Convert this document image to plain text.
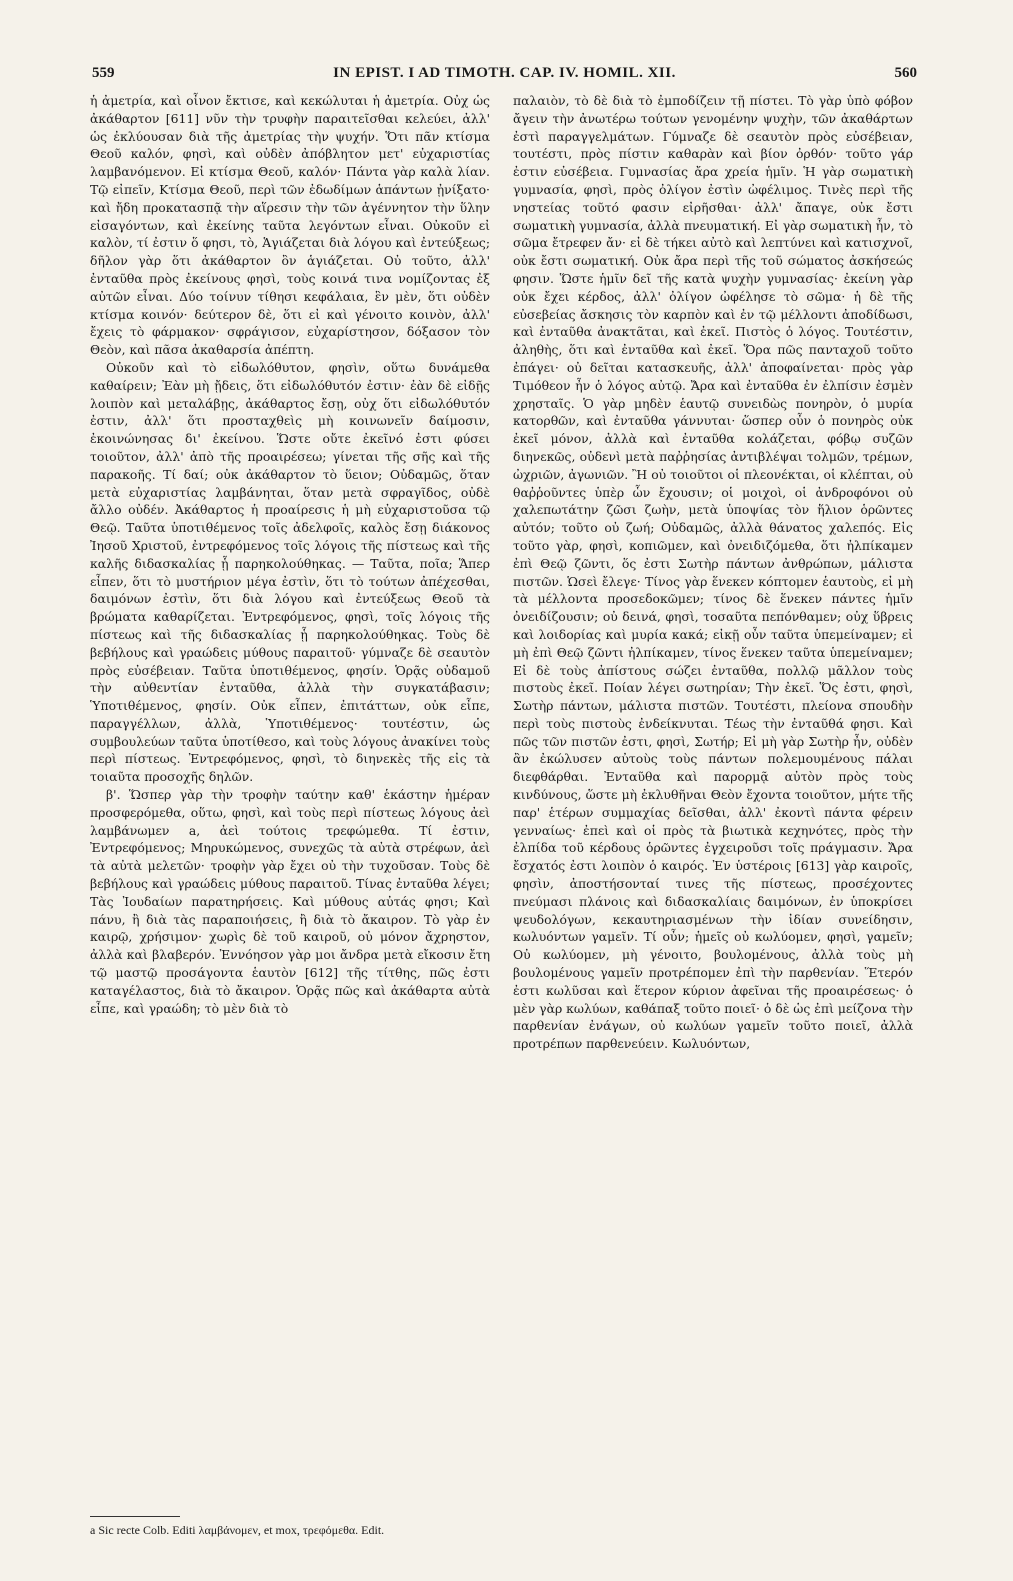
559	IN EPIST. I AD TIMOTH. CAP. IV. HOMIL. XII.	560

ἡ ἀμετρία, καὶ οἶνον ἔκτισε, καὶ κεκώλυται ἡ ἀμετρία. Οὐχ ὡς ἀκάθαρτον [611] νῦν τὴν τρυφὴν παραιτεῖσθαι κελεύει, ἀλλ' ὡς ἐκλύουσαν διὰ τῆς ἀμετρίας τὴν ψυχήν. Ὅτι πᾶν κτίσμα Θεοῦ καλόν, φησὶ, καὶ οὐδὲν ἀπόβλητον μετ' εὐχαριστίας λαμβανόμενον. Εἰ κτίσμα Θεοῦ, καλόν· Πάντα γὰρ καλὰ λίαν. Τῷ εἰπεῖν, Κτίσμα Θεοῦ, περὶ τῶν ἐδωδίμων ἁπάντων ᾐνίξατο· καὶ ἤδη προκατασπᾷ τὴν αἵρεσιν τὴν τῶν ἀγέννητον τὴν ὕλην εἰσαγόντων, καὶ ἐκείνης ταῦτα λεγόντων εἶναι. Οὐκοῦν εἰ καλὸν, τί ἐστιν ὅ φησι, τὸ, Ἁγιάζεται διὰ λόγου καὶ ἐντεύξεως; δῆλον γὰρ ὅτι ἀκάθαρτον ὂν ἁγιάζεται. Οὐ τοῦτο, ἀλλ' ἐνταῦθα πρὸς ἐκείνους φησὶ, τοὺς κοινά τινα νομίζοντας ἐξ αὐτῶν εἶναι. Δύο τοίνυν τίθησι κεφάλαια, ἓν μὲν, ὅτι οὐδὲν κτίσμα κοινόν· δεύτερον δὲ, ὅτι εἰ καὶ γένοιτο κοινὸν, ἀλλ' ἔχεις τὸ φάρμακον· σφράγισον, εὐχαρίστησον, δόξασον τὸν Θεὸν, καὶ πᾶσα ἀκαθαρσία ἀπέπτη.

Οὐκοῦν καὶ τὸ εἰδωλόθυτον, φησὶν, οὕτω δυνάμεθα καθαίρειν; Ἐὰν μὴ ᾔδεις, ὅτι εἰδωλόθυτόν ἐστιν· ἐὰν δὲ εἰδῇς λοιπὸν καὶ μεταλάβῃς, ἀκάθαρτος ἔσῃ, οὐχ ὅτι εἰδωλόθυτόν ἐστιν, ἀλλ' ὅτι προσταχθεὶς μὴ κοινωνεῖν δαίμοσιν, ἐκοινώνησας δι' ἐκείνου. Ὥστε οὔτε ἐκεῖνό ἐστι φύσει τοιοῦτον, ἀλλ' ἀπὸ τῆς προαιρέσεω; γίνεται τῆς σῆς καὶ τῆς παρακοῆς. Τί δαί; οὐκ ἀκάθαρτον τὸ ὕειον; Οὐδαμῶς, ὅταν μετὰ εὐχαριστίας λαμβάνηται, ὅταν μετὰ σφραγῖδος, οὐδὲ ἄλλο οὐδέν. Ἀκάθαρτος ἡ προαίρεσις ἡ μὴ εὐχαριστοῦσα τῷ Θεῷ. Ταῦτα ὑποτιθέμενος τοῖς ἀδελφοῖς, καλὸς ἔσῃ διάκονος Ἰησοῦ Χριστοῦ, ἐντρεφόμενος τοῖς λόγοις τῆς πίστεως καὶ τῆς καλῆς διδασκαλίας ᾗ παρηκολούθηκας. — Ταῦτα, ποῖα; Ἅπερ εἶπεν, ὅτι τὸ μυστήριον μέγα ἐστὶν, ὅτι τὸ τούτων ἀπέχεσθαι, δαιμόνων ἐστὶν, ὅτι διὰ λόγου καὶ ἐντεύξεως Θεοῦ τὰ βρώματα καθαρίζεται. Ἐντρεφόμενος, φησὶ, τοῖς λόγοις τῆς πίστεως καὶ τῆς διδασκαλίας ᾗ παρηκολούθηκας. Τοὺς δὲ βεβήλους καὶ γραώδεις μύθους παραιτοῦ· γύμναζε δὲ σεαυτὸν πρὸς εὐσέβειαν. Ταῦτα ὑποτιθέμενος, φησίν. Ὁρᾷς οὐδαμοῦ τὴν αὐθεντίαν ἐνταῦθα, ἀλλὰ τὴν συγκατάβασιν; Ὑποτιθέμενος, φησίν. Οὐκ εἶπεν, ἐπιτάττων, οὐκ εἶπε, παραγγέλλων, ἀλλὰ, Ὑποτιθέμενος· τουτέστιν, ὡς συμβουλεύων ταῦτα ὑποτίθεσο, καὶ τοὺς λόγους ἀνακίνει τοὺς περὶ πίστεως. Ἐντρεφόμενος, φησὶ, τὸ διηνεκὲς τῆς εἰς τὰ τοιαῦτα προσοχῆς δηλῶν.

β'. Ὥσπερ γὰρ τὴν τροφὴν ταύτην καθ' ἑκάστην ἡμέραν προσφερόμεθα, οὕτω, φησὶ, καὶ τοὺς περὶ πίστεως λόγους ἀεὶ λαμβάνωμεν a, ἀεὶ τούτοις τρεφώμεθα. Τί ἐστιν, Ἐντρεφόμενος; Μηρυκώμενος, συνεχῶς τὰ αὐτὰ στρέφων, ἀεὶ τὰ αὐτὰ μελετῶν· τροφὴν γὰρ ἔχει οὐ τὴν τυχοῦσαν. Τοὺς δὲ βεβήλους καὶ γραώδεις μύθους παραιτοῦ. Τίνας ἐνταῦθα λέγει; Τὰς Ἰουδαίων παρατηρήσεις. Καὶ μύθους αὐτάς φησι; Καὶ πάνυ, ἢ διὰ τὰς παραποιήσεις, ἢ διὰ τὸ ἄκαιρον. Τὸ γὰρ ἐν καιρῷ, χρήσιμον· χωρὶς δὲ τοῦ καιροῦ, οὐ μόνον ἄχρηστον, ἀλλὰ καὶ βλαβερόν. Ἐννόησον γὰρ μοι ἄνδρα μετὰ εἴκοσιν ἔτη τῷ μαστῷ προσάγοντα ἑαυτὸν [612] τῆς τίτθης, πῶς ἐστι καταγέλαστος, διὰ τὸ ἄκαιρον. Ὁρᾷς πῶς καὶ ἀκάθαρτα αὐτὰ εἶπε, καὶ γραώδη; τὸ μὲν διὰ τὸ

παλαιὸν, τὸ δὲ διὰ τὸ ἐμποδίζειν τῇ πίστει. Τὸ γὰρ ὑπὸ φόβον ἄγειν τὴν ἀνωτέρω τούτων γενομένην ψυχὴν, τῶν ἀκαθάρτων ἐστὶ παραγγελμάτων. Γύμναζε δὲ σεαυτὸν πρὸς εὐσέβειαν, τουτέστι, πρὸς πίστιν καθαρὰν καὶ βίον ὀρθόν· τοῦτο γάρ ἐστιν εὐσέβεια. Γυμνασίας ἄρα χρεία ἡμῖν. Ἡ γὰρ σωματικὴ γυμνασία, φησὶ, πρὸς ὀλίγον ἐστὶν ὠφέλιμος. Τινὲς περὶ τῆς νηστείας τοῦτό φασιν εἰρῆσθαι· ἀλλ' ἄπαγε, οὐκ ἔστι σωματικὴ γυμνασία, ἀλλὰ πνευματική. Εἰ γὰρ σωματικὴ ἦν, τὸ σῶμα ἔτρεφεν ἄν· εἰ δὲ τήκει αὐτὸ καὶ λεπτύνει καὶ κατισχνοῖ, οὐκ ἔστι σωματική. Οὐκ ἄρα περὶ τῆς τοῦ σώματος ἀσκήσεώς φησιν. Ὥστε ἡμῖν δεῖ τῆς κατὰ ψυχὴν γυμνασίας· ἐκείνη γὰρ οὐκ ἔχει κέρδος, ἀλλ' ὀλίγον ὠφέλησε τὸ σῶμα· ἡ δὲ τῆς εὐσεβείας ἄσκησις τὸν καρπὸν καὶ ἐν τῷ μέλλοντι ἀποδίδωσι, καὶ ἐνταῦθα ἀνακτᾶται, καὶ ἐκεῖ. Πιστὸς ὁ λόγος. Τουτέστιν, ἀληθὴς, ὅτι καὶ ἐνταῦθα καὶ ἐκεῖ. Ὅρα πῶς πανταχοῦ τοῦτο ἐπάγει· οὐ δεῖται κατασκευῆς, ἀλλ' ἀποφαίνεται· πρὸς γὰρ Τιμόθεον ἦν ὁ λόγος αὐτῷ. Ἄρα καὶ ἐνταῦθα ἐν ἐλπίσιν ἐσμὲν χρησταῖς. Ὁ γὰρ μηδὲν ἑαυτῷ συνειδὼς πονηρὸν, ὁ μυρία κατορθῶν, καὶ ἐνταῦθα γάννυται· ὥσπερ οὖν ὁ πονηρὸς οὐκ ἐκεῖ μόνον, ἀλλὰ καὶ ἐνταῦθα κολάζεται, φόβῳ συζῶν διηνεκῶς, οὐδενὶ μετὰ παῤῥησίας ἀντιβλέψαι τολμῶν, τρέμων, ὠχριῶν, ἀγωνιῶν. Ἢ οὐ τοιοῦτοι οἱ πλεονέκται, οἱ κλέπται, οὐ θαῤῥοῦντες ὑπὲρ ὧν ἔχουσιν; οἱ μοιχοὶ, οἱ ἀνδροφόνοι οὐ χαλεπωτάτην ζῶσι ζωὴν, μετὰ ὑποψίας τὸν ἥλιον ὁρῶντες αὐτόν; τοῦτο οὐ ζωή; Οὐδαμῶς, ἀλλὰ θάνατος χαλεπός. Εἰς τοῦτο γὰρ, φησὶ, κοπιῶμεν, καὶ ὀνειδιζόμεθα, ὅτι ἠλπίκαμεν ἐπὶ Θεῷ ζῶντι, ὅς ἐστι Σωτὴρ πάντων ἀνθρώπων, μάλιστα πιστῶν. Ὡσεὶ ἔλεγε· Τίνος γὰρ ἕνεκεν κόπτομεν ἑαυτοὺς, εἰ μὴ τὰ μέλλοντα προσεδοκῶμεν; τίνος δὲ ἕνεκεν πάντες ἡμῖν ὀνειδίζουσιν; οὐ δεινά, φησὶ, τοσαῦτα πεπόνθαμεν; οὐχ ὕβρεις καὶ λοιδορίας καὶ μυρία κακά; εἰκῇ οὖν ταῦτα ὑπεμείναμεν; εἰ μὴ ἐπὶ Θεῷ ζῶντι ἠλπίκαμεν, τίνος ἕνεκεν ταῦτα ὑπεμείναμεν; Εἰ δὲ τοὺς ἀπίστους σώζει ἐνταῦθα, πολλῷ μᾶλλον τοὺς πιστοὺς ἐκεῖ. Ποίαν λέγει σωτηρίαν; Τὴν ἐκεῖ. Ὅς ἐστι, φησὶ, Σωτὴρ πάντων, μάλιστα πιστῶν. Τουτέστι, πλείονα σπουδὴν περὶ τοὺς πιστοὺς ἐνδείκνυται. Τέως τὴν ἐνταῦθά φησι. Καὶ πῶς τῶν πιστῶν ἐστι, φησὶ, Σωτήρ; Εἰ μὴ γὰρ Σωτὴρ ἦν, οὐδὲν ἂν ἐκώλυσεν αὐτοὺς τοὺς πάντων πολεμουμένους πάλαι διεφθάρθαι. Ἐνταῦθα καὶ παρορμᾷ αὐτὸν πρὸς τοὺς κινδύνους, ὥστε μὴ ἐκλυθῆναι Θεὸν ἔχοντα τοιοῦτον, μήτε τῆς παρ' ἑτέρων συμμαχίας δεῖσθαι, ἀλλ' ἐκοντὶ πάντα φέρειν γενναίως· ἐπεὶ καὶ οἱ πρὸς τὰ βιωτικὰ κεχηνότες, πρὸς τὴν ἐλπίδα τοῦ κέρδους ὁρῶντες ἐγχειροῦσι τοῖς πράγμασιν. Ἄρα ἔσχατός ἐστι λοιπὸν ὁ καιρός. Ἐν ὑστέροις [613] γὰρ καιροῖς, φησὶν, ἀποστήσονταί τινες τῆς πίστεως, προσέχοντες πνεύμασι πλάνοις καὶ διδασκαλίαις δαιμόνων, ἐν ὑποκρίσει ψευδολόγων, κεκαυτηριασμένων τὴν ἰδίαν συνείδησιν, κωλυόντων γαμεῖν. Τί οὖν; ἡμεῖς οὐ κωλύομεν, φησὶ, γαμεῖν; Οὐ κωλύομεν, μὴ γένοιτο, βουλομένους, ἀλλὰ τοὺς μὴ βουλομένους γαμεῖν προτρέπομεν ἐπὶ τὴν παρθενίαν. Ἕτερόν ἐστι κωλῦσαι καὶ ἕτερον κύριον ἀφεῖναι τῆς προαιρέσεως· ὁ μὲν γὰρ κωλύων, καθάπαξ τοῦτο ποιεῖ· ὁ δὲ ὡς ἐπὶ μείζονα τὴν παρθενίαν ἐνάγων, οὐ κωλύων γαμεῖν τοῦτο ποιεῖ, ἀλλὰ προτρέπων παρθενεύειν. Κωλυόντων,

a Sic recte Colb. Editi λαμβάνομεν, et mox, τρεφόμεθα. Edit.
